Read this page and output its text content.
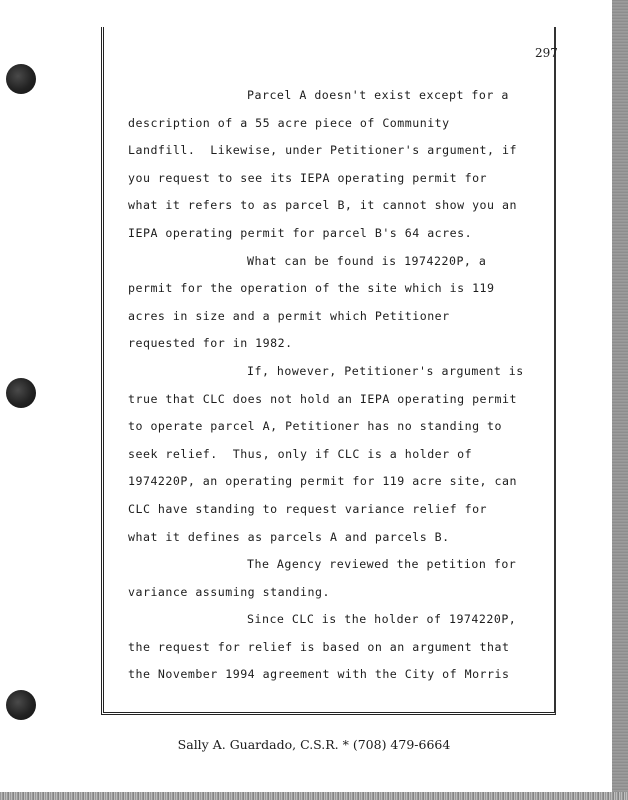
297
Parcel A doesn't exist except for a
description of a 55 acre piece of Community
Landfill.  Likewise, under Petitioner's argument, if
you request to see its IEPA operating permit for
what it refers to as parcel B, it cannot show you an
IEPA operating permit for parcel B's 64 acres.
What can be found is 1974220P, a
permit for the operation of the site which is 119
acres in size and a permit which Petitioner
requested for in 1982.
If, however, Petitioner's argument is
true that CLC does not hold an IEPA operating permit
to operate parcel A, Petitioner has no standing to
seek relief.  Thus, only if CLC is a holder of
1974220P, an operating permit for 119 acre site, can
CLC have standing to request variance relief for
what it defines as parcels A and parcels B.
The Agency reviewed the petition for
variance assuming standing.
Since CLC is the holder of 1974220P,
the request for relief is based on an argument that
the November 1994 agreement with the City of Morris
Sally A. Guardado, C.S.R. * (708) 479-6664
